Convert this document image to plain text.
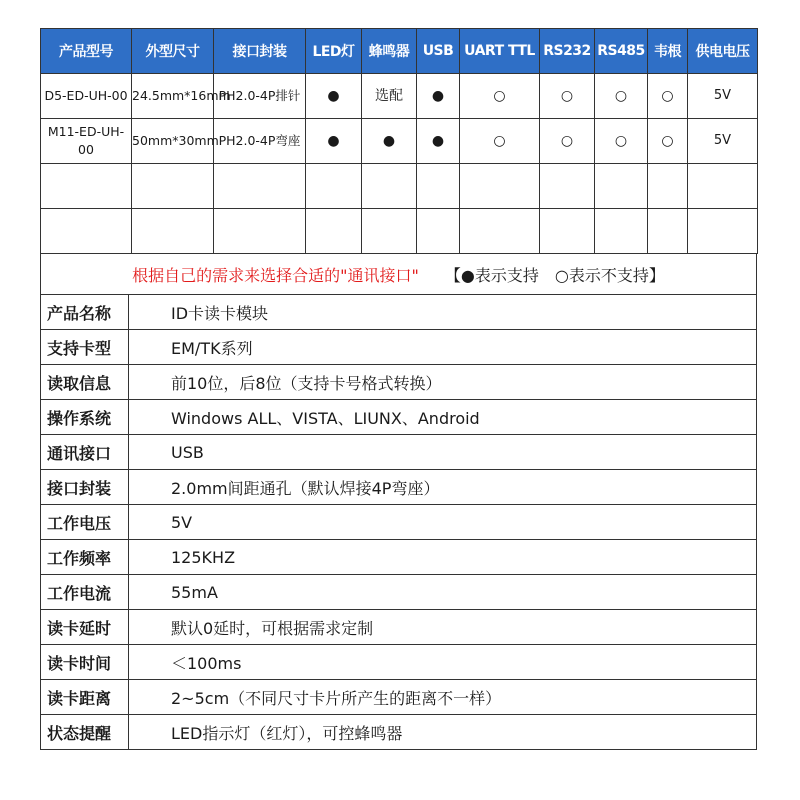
产品型号	外型尺寸	接口封装	LED灯	蜂鸣器	USB	UART TTL	RS232	RS485	韦根	供电电压
D5-ED-UH-00	24.5mm*16mm	PH2.0-4P排针	●	选配	●	○	○	○	○	5V
M11-ED-UH-00	50mm*30mm	PH2.0-4P弯座	●	●	●	○	○	○	○	5V

根据自己的需求来选择合适的"通讯接口" 【●表示支持　○表示不支持】
产品名称	ID卡读卡模块
支持卡型	EM/TK系列
读取信息	前10位，后8位（支持卡号格式转换）
操作系统	Windows ALL、VISTA、LIUNX、Android
通讯接口	USB
接口封装	2.0mm间距通孔（默认焊接4P弯座）
工作电压	5V
工作频率	125KHZ
工作电流	55mA
读卡延时	默认0延时，可根据需求定制
读卡时间	＜100ms
读卡距离	2~5cm（不同尺寸卡片所产生的距离不一样）
状态提醒	LED指示灯（红灯），可控蜂鸣器
